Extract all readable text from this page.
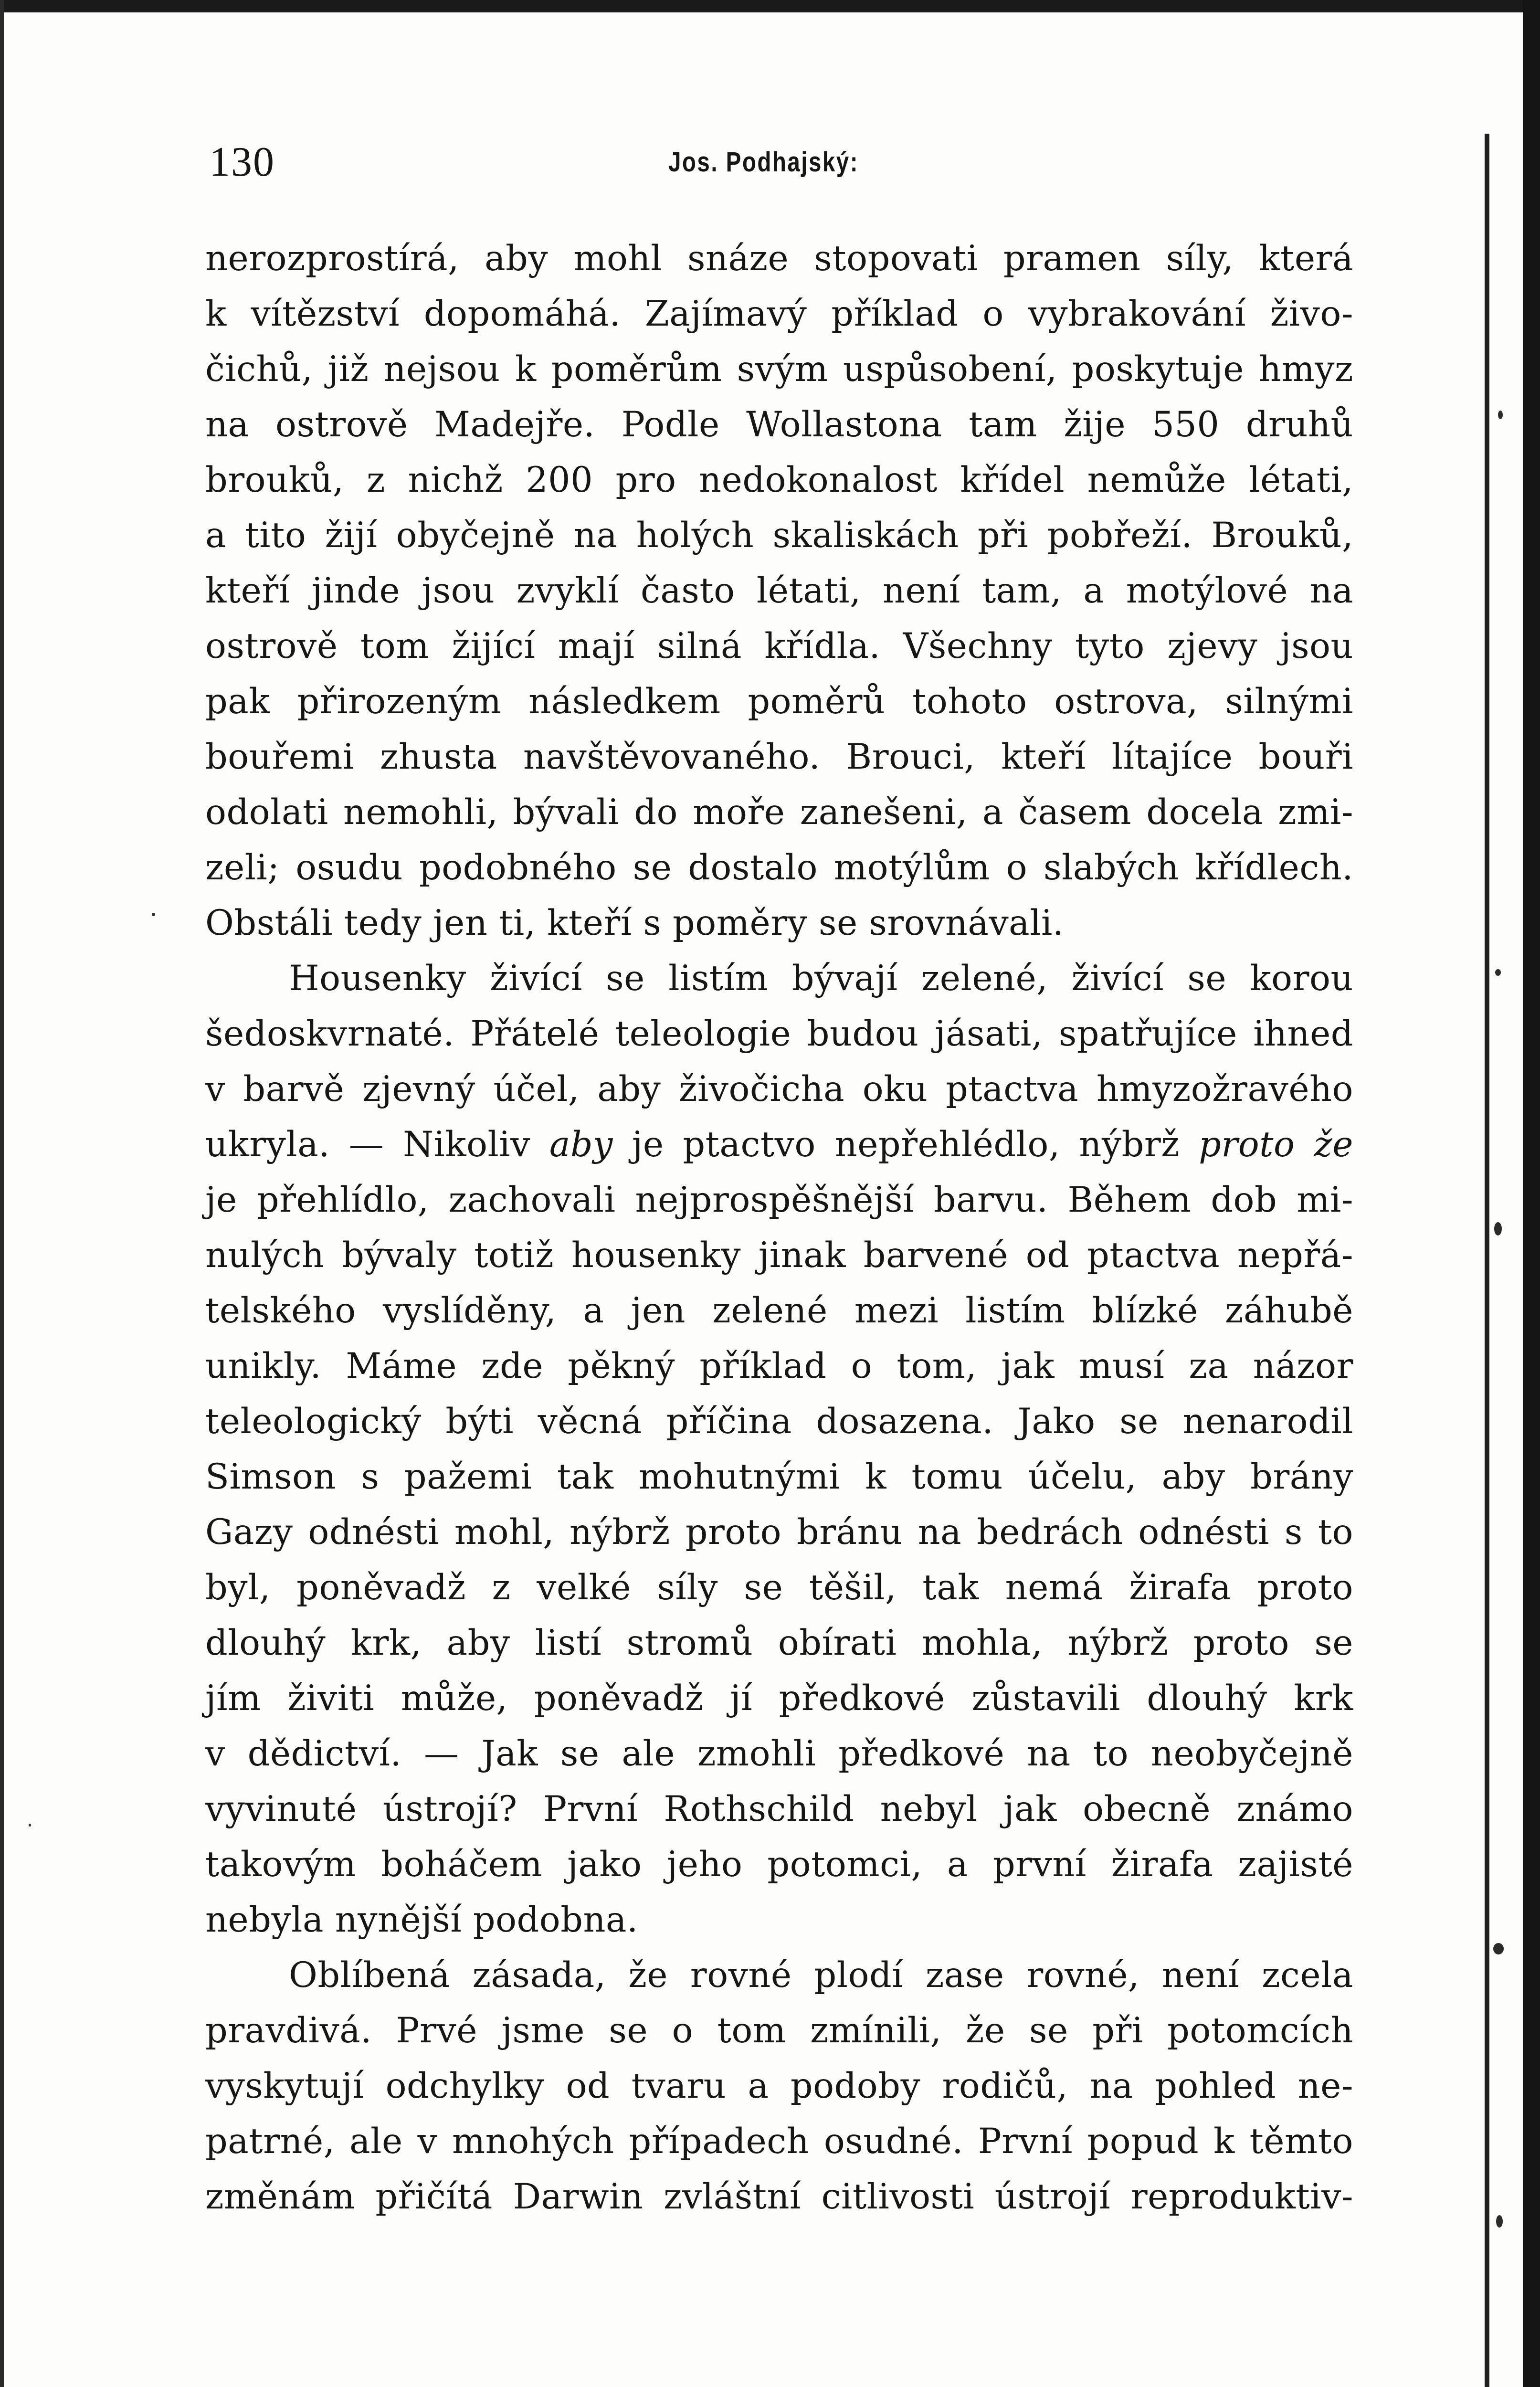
130	Jos. Podhajský:
nerozprostírá, aby mohl snáze stopovati pramen síly, která
k vítězství dopomáhá. Zajímavý příklad o vybrakování živo-
čichů, již nejsou k poměrům svým uspůsobení, poskytuje hmyz
na ostrově Madejře. Podle Wollastona tam žije 550 druhů
brouků, z nichž 200 pro nedokonalost křídel nemůže létati,
a tito žijí obyčejně na holých skaliskách při pobřeží. Brouků,
kteří jinde jsou zvyklí často létati, není tam, a motýlové na
ostrově tom žijící mají silná křídla. Všechny tyto zjevy jsou
pak přirozeným následkem poměrů tohoto ostrova, silnými
bouřemi zhusta navštěvovaného. Brouci, kteří lítajíce bouři
odolati nemohli, bývali do moře zanešeni, a časem docela zmi-
zeli; osudu podobného se dostalo motýlům o slabých křídlech.
Obstáli tedy jen ti, kteří s poměry se srovnávali.
Housenky živící se listím bývají zelené, živící se korou
šedoskvrnaté. Přátelé teleologie budou jásati, spatřujíce ihned
v barvě zjevný účel, aby živočicha oku ptactva hmyzožravého
ukryla. — Nikoliv aby je ptactvo nepřehlédlo, nýbrž proto že
je přehlídlo, zachovali nejprospěšnější barvu. Během dob mi-
nulých bývaly totiž housenky jinak barvené od ptactva nepřá-
telského vyslíděny, a jen zelené mezi listím blízké záhubě
unikly. Máme zde pěkný příklad o tom, jak musí za názor
teleologický býti věcná příčina dosazena. Jako se nenarodil
Simson s pažemi tak mohutnými k tomu účelu, aby brány
Gazy odnésti mohl, nýbrž proto bránu na bedrách odnésti s to
byl, poněvadž z velké síly se těšil, tak nemá žirafa proto
dlouhý krk, aby listí stromů obírati mohla, nýbrž proto se
jím živiti může, poněvadž jí předkové zůstavili dlouhý krk
v dědictví. — Jak se ale zmohli předkové na to neobyčejně
vyvinuté ústrojí? První Rothschild nebyl jak obecně známo
takovým boháčem jako jeho potomci, a první žirafa zajisté
nebyla nynější podobna.
Oblíbená zásada, že rovné plodí zase rovné, není zcela
pravdivá. Prvé jsme se o tom zmínili, že se při potomcích
vyskytují odchylky od tvaru a podoby rodičů, na pohled ne-
patrné, ale v mnohých případech osudné. První popud k těmto
změnám přičítá Darwin zvláštní citlivosti ústrojí reproduktiv-
